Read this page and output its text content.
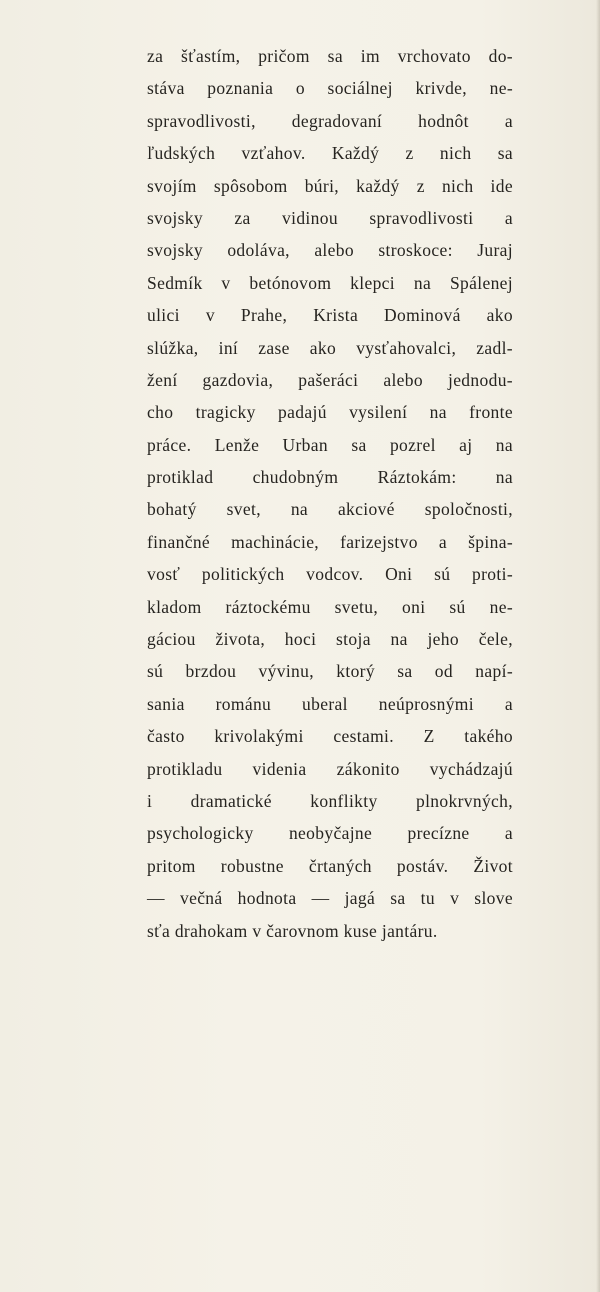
za šťastím, pričom sa im vrchovato do-
stáva poznania o sociálnej krivde, ne-
spravodlivosti, degradovaní hodnôt a
ľudských vzťahov. Každý z nich sa
svojím spôsobom búri, každý z nich ide
svojsky za vidinou spravodlivosti a
svojsky odoláva, alebo stroskoce: Juraj
Sedmík v betónovom klepci na Spálenej
ulici v Prahe, Krista Dominová ako
slúžka, iní zase ako vysťahovalci, zadl-
žení gazdovia, pašeráci alebo jednodu-
cho tragicky padajú vysilení na fronte
práce. Lenže Urban sa pozrel aj na
protiklad chudobným Ráztokám: na
bohatý svet, na akciové spoločnosti,
finančné machinácie, farizejstvo a špina-
vosť politických vodcov. Oni sú proti-
kladom ráztockému svetu, oni sú ne-
gáciou života, hoci stoja na jeho čele,
sú brzdou vývinu, ktorý sa od napí-
sania románu uberal neúprosnými a
často krivolakými cestami. Z takého
protikladu videnia zákonito vychádzajú
i dramatické konflikty plnokrvných,
psychologicky neobyčajne precízne a
pritom robustne črtaných postáv. Život
— večná hodnota — jagá sa tu v slove
sťa drahokam v čarovnom kuse jantáru.
